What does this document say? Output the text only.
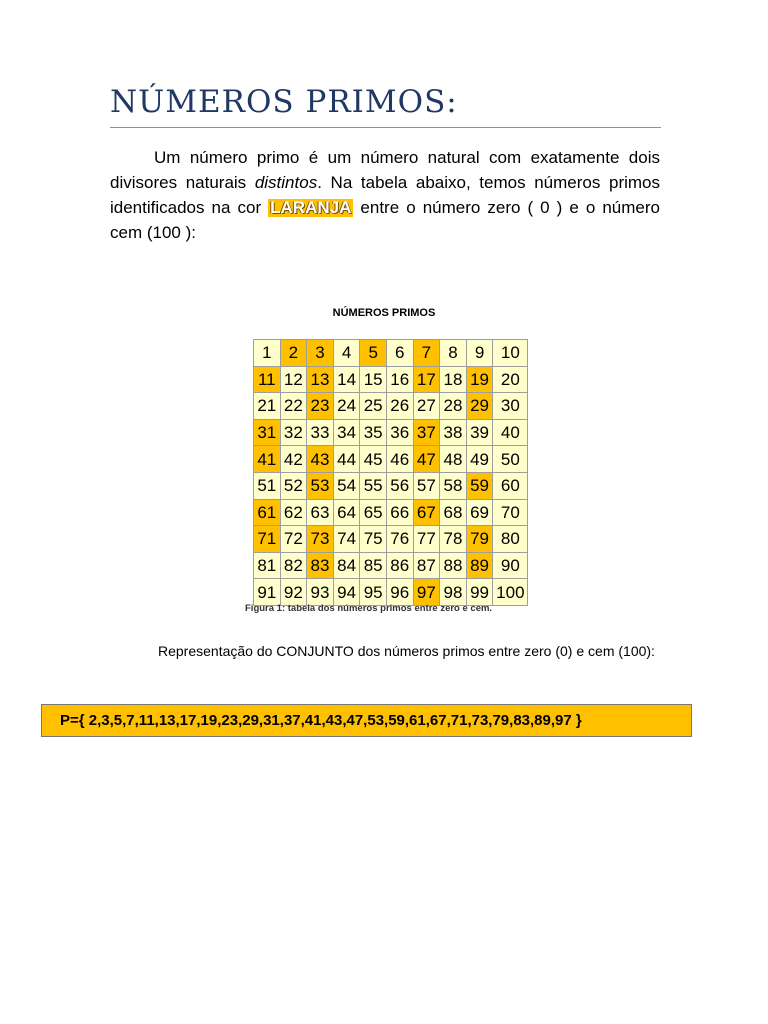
NÚMEROS PRIMOS:

Um número primo é um número natural com exatamente dois divisores naturais distintos. Na tabela abaixo, temos números primos identificados na cor LARANJA entre o número zero ( 0 ) e o número cem (100 ):

NÚMEROS PRIMOS
1	2	3	4	5	6	7	8	9	10
11	12	13	14	15	16	17	18	19	20
21	22	23	24	25	26	27	28	29	30
31	32	33	34	35	36	37	38	39	40
41	42	43	44	45	46	47	48	49	50
51	52	53	54	55	56	57	58	59	60
61	62	63	64	65	66	67	68	69	70
71	72	73	74	75	76	77	78	79	80
81	82	83	84	85	86	87	88	89	90
91	92	93	94	95	96	97	98	99	100
Figura 1: tabela dos números primos entre zero e cem.

Representação do CONJUNTO dos números primos entre zero (0) e cem (100):

P={ 2,3,5,7,11,13,17,19,23,29,31,37,41,43,47,53,59,61,67,71,73,79,83,89,97 }
